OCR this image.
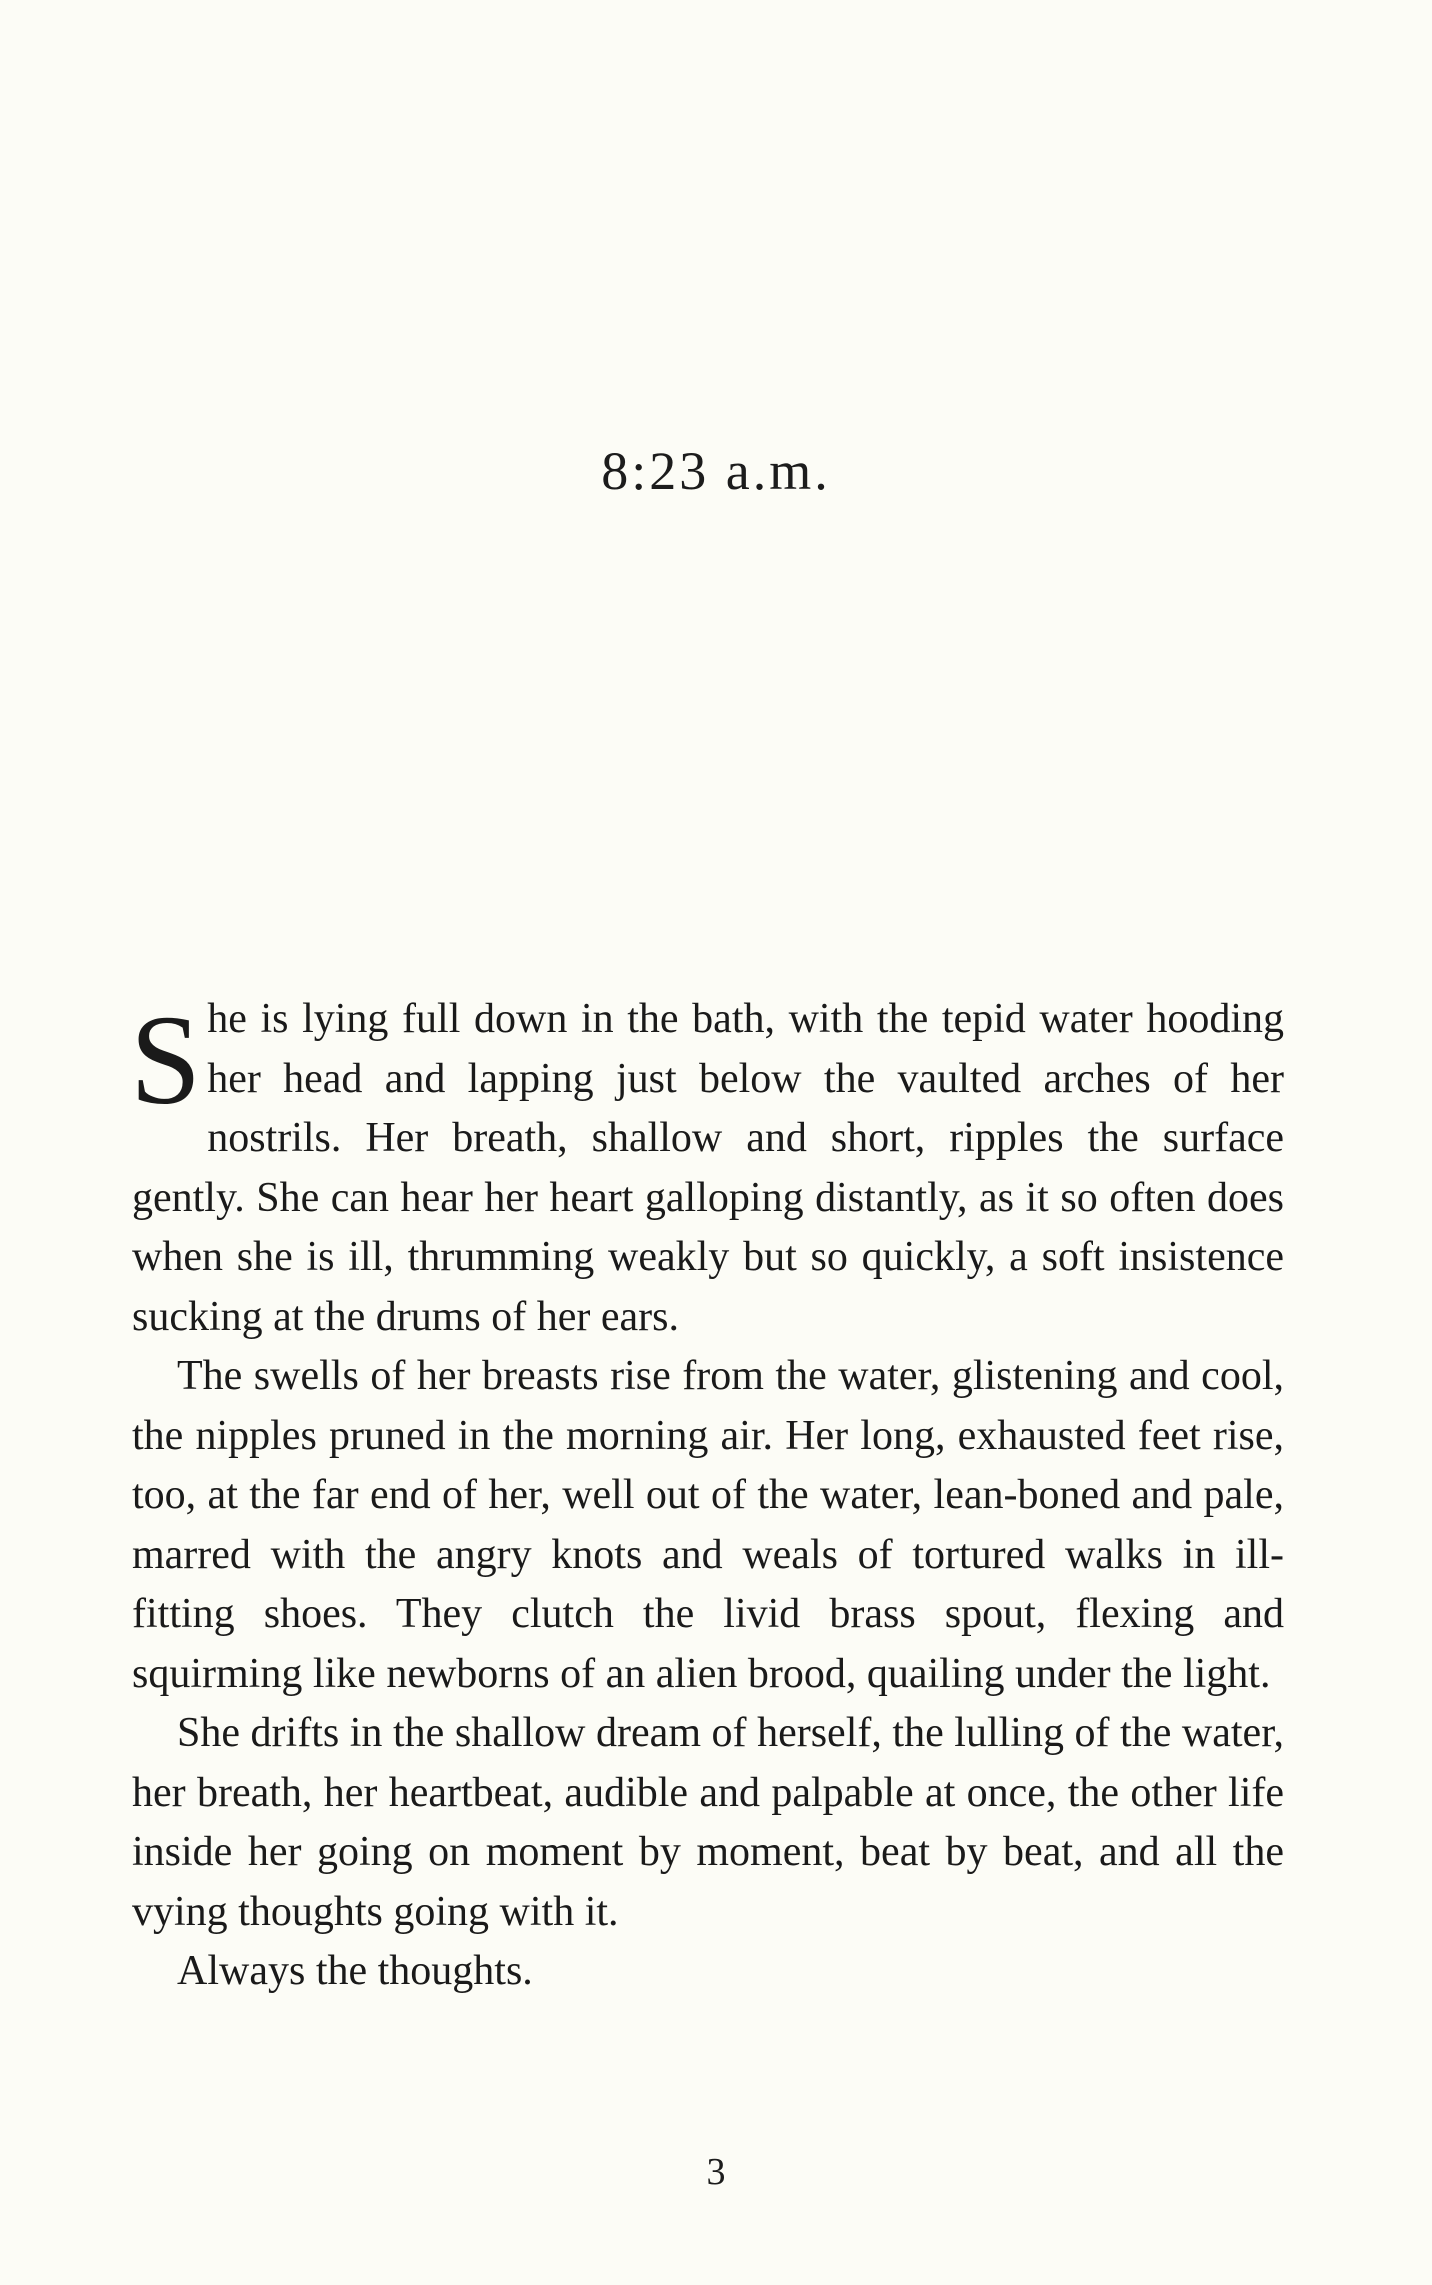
8:23 a.m.

She is lying full down in the bath, with the tepid water hooding her head and lapping just below the vaulted arches of her nostrils. Her breath, shallow and short, ripples the surface gently. She can hear her heart galloping distantly, as it so often does when she is ill, thrumming weakly but so quickly, a soft insistence sucking at the drums of her ears.

The swells of her breasts rise from the water, glistening and cool, the nipples pruned in the morning air. Her long, exhausted feet rise, too, at the far end of her, well out of the water, lean-boned and pale, marred with the angry knots and weals of tortured walks in ill-fitting shoes. They clutch the livid brass spout, flexing and squirming like newborns of an alien brood, quailing under the light.

She drifts in the shallow dream of herself, the lulling of the water, her breath, her heartbeat, audible and palpable at once, the other life inside her going on moment by moment, beat by beat, and all the vying thoughts going with it.

Always the thoughts.

3
